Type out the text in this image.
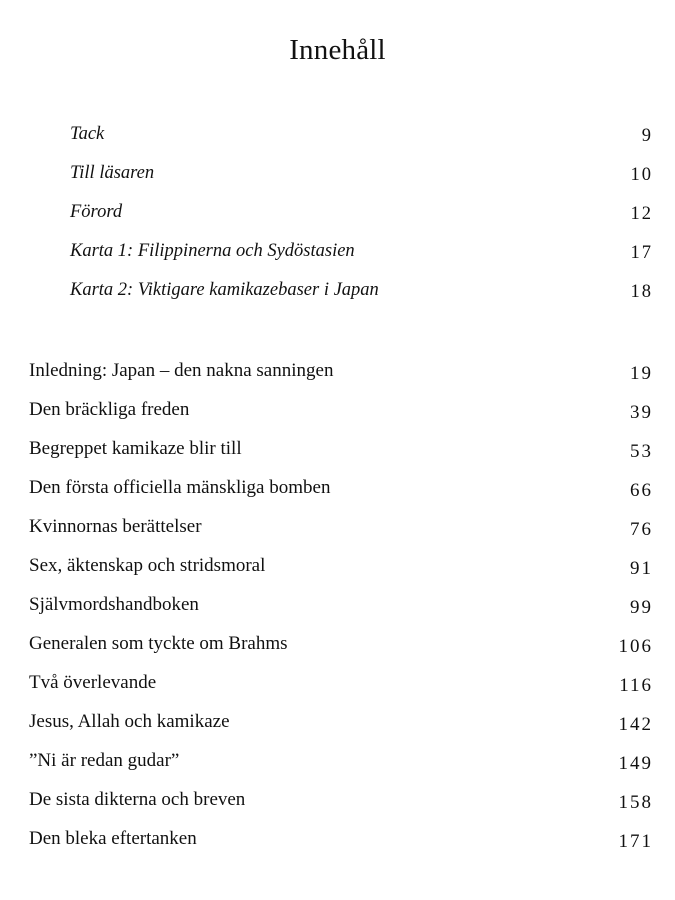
Innehåll
Tack	9
Till läsaren	10
Förord	12
Karta 1: Filippinerna och Sydöstasien	17
Karta 2: Viktigare kamikazebaser i Japan	18
Inledning: Japan – den nakna sanningen	19
Den bräckliga freden	39
Begreppet kamikaze blir till	53
Den första officiella mänskliga bomben	66
Kvinnornas berättelser	76
Sex, äktenskap och stridsmoral	91
Självmordshandboken	99
Generalen som tyckte om Brahms	106
Två överlevande	116
Jesus, Allah och kamikaze	142
”Ni är redan gudar”	149
De sista dikterna och breven	158
Den bleka eftertanken	171
